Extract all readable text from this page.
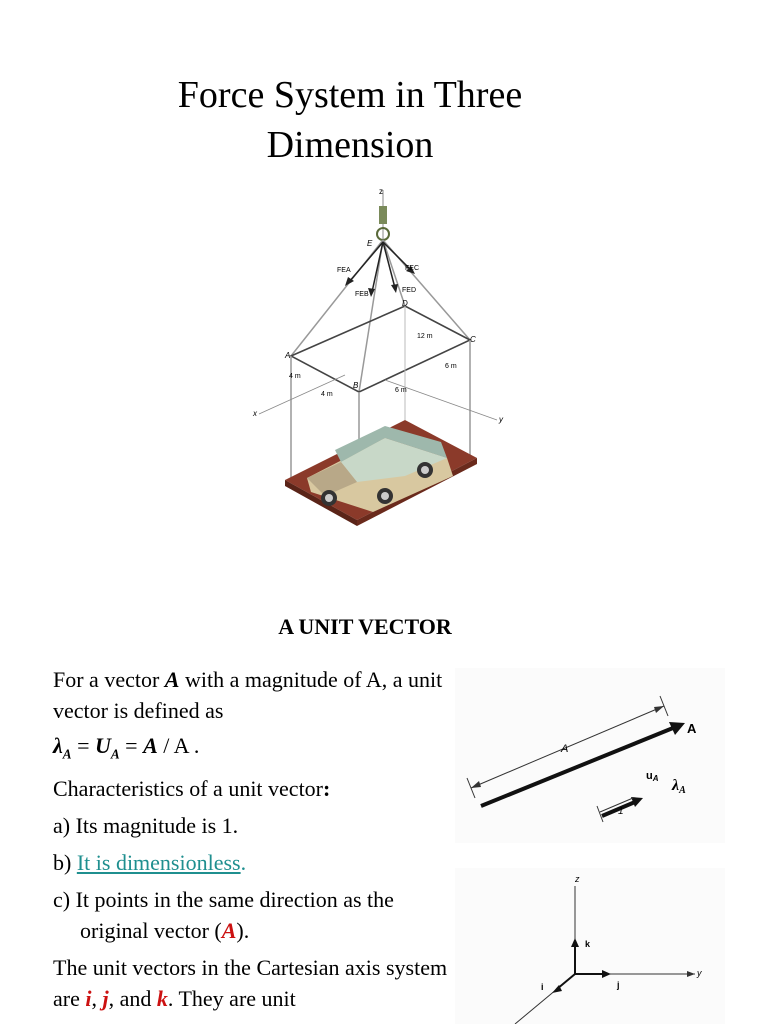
Force System in Three
Dimension
z
E
FEA	FEC
FEB
FED
D
A
B
C
12 m
6 m
6 m
4 m
4 m
x
y
A UNIT VECTOR

For a vector A with a magnitude of A, a unit vector is defined as

$\lambda_A = U_A = A / A$ .

Characteristics of a unit vector:

a) Its magnitude is 1.

b) It is dimensionless.

c) It points in the same direction as the
original vector (A).

The unit vectors in the Cartesian axis system are i, j, and k. They are unit

A
A
uA λA
1
z
y
k
j
i
